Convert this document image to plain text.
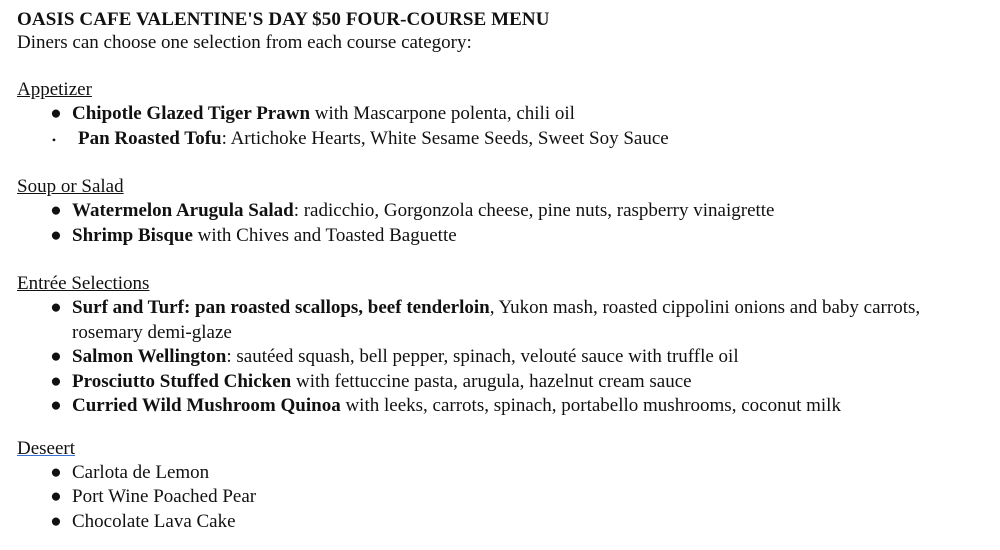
OASIS CAFE VALENTINE'S DAY $50 FOUR-COURSE MENU

Diners can choose one selection from each course category:

Appetizer

● Chipotle Glazed Tiger Prawn with Mascarpone polenta, chili oil
• Pan Roasted Tofu: Artichoke Hearts, White Sesame Seeds, Sweet Soy Sauce

Soup or Salad

● Watermelon Arugula Salad: radicchio, Gorgonzola cheese, pine nuts, raspberry vinaigrette
● Shrimp Bisque with Chives and Toasted Baguette

Entrée Selections

● Surf and Turf: pan roasted scallops, beef tenderloin, Yukon mash, roasted cippolini onions and baby carrots, rosemary demi-glaze
● Salmon Wellington: sautéed squash, bell pepper, spinach, velouté sauce with truffle oil
● Prosciutto Stuffed Chicken with fettuccine pasta, arugula, hazelnut cream sauce
● Curried Wild Mushroom Quinoa with leeks, carrots, spinach, portabello mushrooms, coconut milk

Deseert

● Carlota de Lemon
● Port Wine Poached Pear
● Chocolate Lava Cake
